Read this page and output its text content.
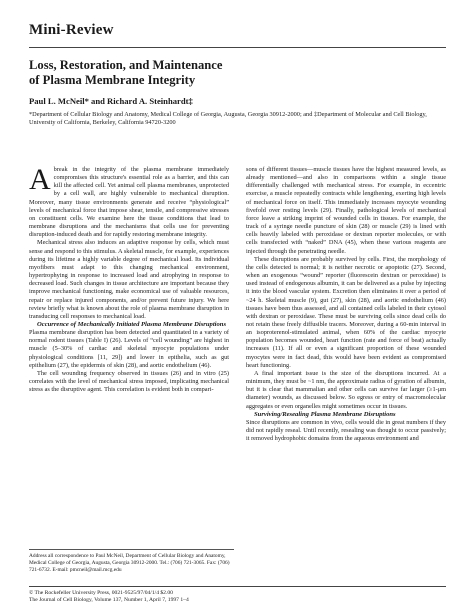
Mini-Review
Loss, Restoration, and Maintenance
of Plasma Membrane Integrity
Paul L. McNeil* and Richard A. Steinhardt‡
*Department of Cellular Biology and Anatomy, Medical College of Georgia, Augusta, Georgia 30912-2000; and ‡Department of Molecular and Cell Biology, University of California, Berkeley, California 94720-3200

Abreak in the integrity of the plasma membrane immediately compromises this structure's essential role as a barrier, and this can kill the affected cell. Yet animal cell plasma membranes, unprotected by a cell wall, are highly vulnerable to mechanical disruption. Moreover, many tissue environments generate and receive “physiological” levels of mechanical force that impose shear, tensile, and compressive stresses on constituent cells. We examine here the tissue conditions that lead to membrane disruptions and the mechanisms that cells use for preventing disruption-induced death and for rapidly restoring membrane integrity.

Mechanical stress also induces an adaptive response by cells, which must sense and respond to this stimulus. A skeletal muscle, for example, experiences during its lifetime a highly variable degree of mechanical load. Its individual myofibers must adapt to this changing mechanical environment, hypertrophying in response to increased load and atrophying in response to decreased load. Such changes in tissue architecture are important because they improve mechanical functioning, make economical use of valuable resources, repair or replace injured components, and/or prevent future injury. We here review briefly what is known about the role of plasma membrane disruption in transducing cell responses to mechanical load.

Occurrence of Mechanically Initiated Plasma Membrane Disruptions

Plasma membrane disruption has been detected and quantitated in a variety of normal rodent tissues (Table I) (26). Levels of “cell wounding” are highest in muscle (5–30% of cardiac and skeletal myocyte populations under physiological conditions [11, 29]) and lower in epithelia, such as gut epithelium (27), the epidermis of skin (28), and aortic endothelium (46).

The cell wounding frequency observed in tissues (26) and in vitro (25) correlates with the level of mechanical stress imposed, implicating mechanical stress as the disruptive agent. This correlation is evident both in compari-

sons of different tissues—muscle tissues have the highest measured levels, as already mentioned—and also in comparisons within a single tissue differentially challenged with mechanical stress. For example, in eccentric exercise, a muscle repeatedly contracts while lengthening, exerting high levels of mechanical force on itself. This immediately increases myocyte wounding fivefold over resting levels (29). Finally, pathological levels of mechanical force leave a striking imprint of wounded cells in tissues. For example, the track of a syringe needle puncture of skin (28) or muscle (29) is lined with cells heavily labeled with peroxidase or dextran reporter molecules, or with cells transfected with “naked” DNA (45), when these various reagents are injected through the penetrating needle.

These disruptions are probably survived by cells. First, the morphology of the cells detected is normal; it is neither necrotic or apoptotic (27). Second, when an exogenous “wound” reporter (fluorescein dextran or peroxidase) is used instead of endogenous albumin, it can be delivered as a pulse by injecting it into the blood vascular system. Excretion then eliminates it over a period of ~24 h. Skeletal muscle (9), gut (27), skin (28), and aortic endothelium (46) tissues have been thus assessed, and all contained cells labeled in their cytosol with dextran or peroxidase. These must be surviving cells since dead cells do not retain these freely diffusible tracers. Moreover, during a 60-min interval in an isoproterenol-stimulated animal, when 60% of the cardiac myocyte population becomes wounded, heart function (rate and force of beat) actually increases (11). If all or even a significant proportion of these wounded myocytes were in fact dead, this would have been evident as compromised heart functioning.

A final important issue is the size of the disruptions incurred. At a minimum, they must be ~1 nm, the approximate radius of gyration of albumin, but it is clear that mammalian and other cells can survive far larger (≥1-μm diameter) wounds, as discussed below. So egress or entry of macromolecular aggregates or even organelles might sometimes occur in tissues.

Surviving/Resealing Plasma Membrane Disruptions

Since disruptions are common in vivo, cells would die in great numbers if they did not rapidly reseal. Until recently, resealing was thought to occur passively; it removed hydrophobic domains from the aqueous environment and

Address all correspondence to Paul McNeil, Department of Cellular Biology and Anatomy, Medical College of Georgia, Augusta, Georgia 30912-2000. Tel.: (706) 721-3065. Fax: (706) 721-6732. E-mail: pmcneil@mail.mcg.edu
© The Rockefeller University Press, 0021-9525/97/04/1/4 $2.00
The Journal of Cell Biology, Volume 137, Number 1, April 7, 1997 1–4
